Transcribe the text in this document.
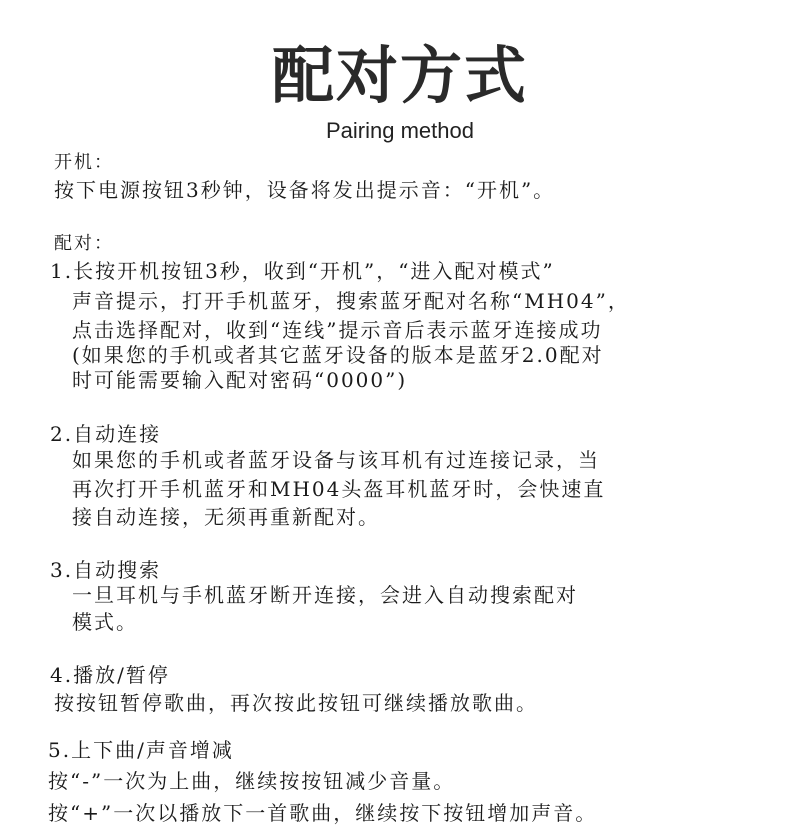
配对方式
Pairing method
开机：
按下电源按钮3秒钟，设备将发出提示音：“开机”。
配对：
1.长按开机按钮3秒，收到“开机”，“进入配对模式”
声音提示，打开手机蓝牙，搜索蓝牙配对名称“MH04”，
点击选择配对，收到“连线”提示音后表示蓝牙连接成功
(如果您的手机或者其它蓝牙设备的版本是蓝牙2.0配对
时可能需要输入配对密码“0000”)
2.自动连接
如果您的手机或者蓝牙设备与该耳机有过连接记录，当
再次打开手机蓝牙和MH04头盔耳机蓝牙时，会快速直
接自动连接，无须再重新配对。
3.自动搜索
一旦耳机与手机蓝牙断开连接，会进入自动搜索配对
模式。
4.播放/暂停
按按钮暂停歌曲，再次按此按钮可继续播放歌曲。
5.上下曲/声音增减
按“-”一次为上曲，继续按按钮减少音量。
按“+”一次以播放下一首歌曲，继续按下按钮增加声音。
